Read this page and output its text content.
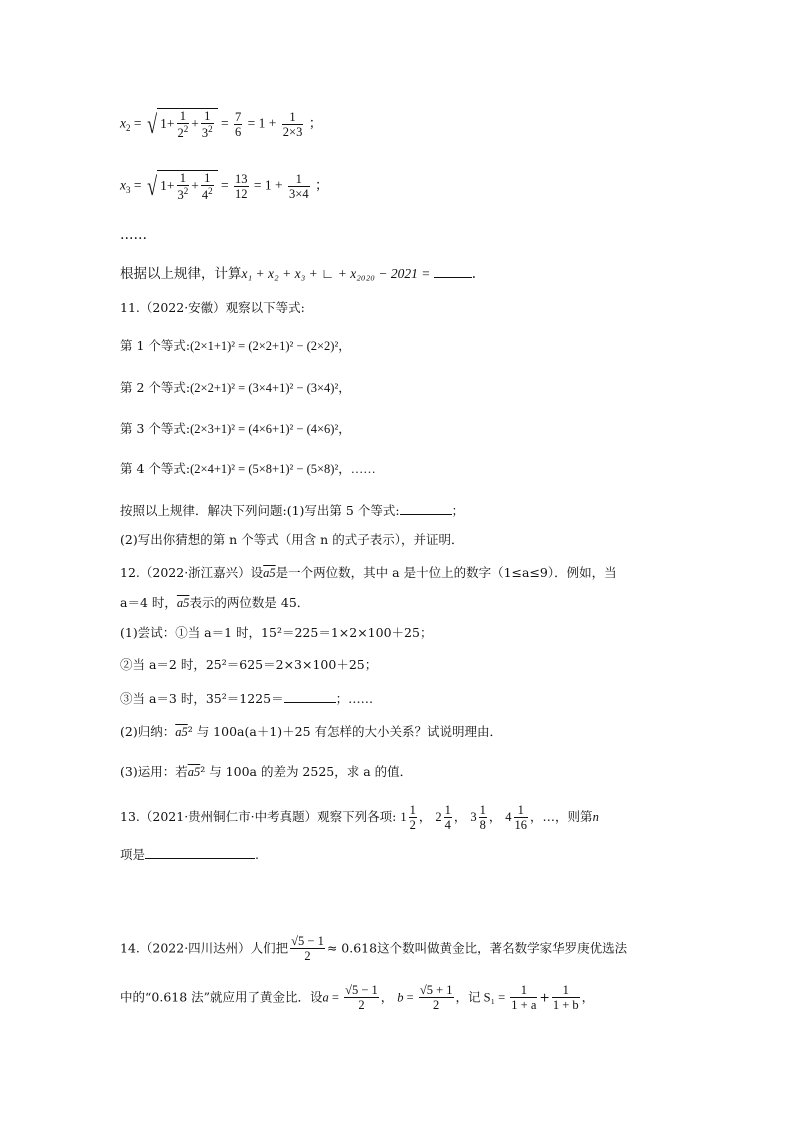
$x_2$ = √ $1+ \frac{1}{2^2} + \frac{1}{3^2} = \frac{7}{6} = 1 + \frac{1}{2\times 3}$ ；
$x_3$ = √ $1+ \frac{1}{3^2} + \frac{1}{4^2} = \frac{13}{12} = 1 + \frac{1}{3\times 4}$ ；
……
根据以上规律，计算x₁ + x₂ + x₃ + ∟ + x₂₀₂₀ − 2021 =	.
11.（2022·安徽）观察以下等式:
第 1 个等式:(2×1+1)² = (2×2+1)² − (2×2)²，
第 2 个等式:(2×2+1)² = (3×4+1)² − (3×4)²，
第 3 个等式:(2×3+1)² = (4×6+1)² − (4×6)²，
第 4 个等式:(2×4+1)² = (5×8+1)² − (5×8)²，……
按照以上规律．解决下列问题:(1)写出第 5 个等式:	；
(2)写出你猜想的第 n 个等式（用含 n 的式子表示），并证明．
12.（2022·浙江嘉兴）设a5是一个两位数，其中 a 是十位上的数字（1≤a≤9）．例如，当
a＝4 时，a5表示的两位数是 45．
(1)尝试：①当 a＝1 时，15²＝225＝1×2×100＋25；
②当 a＝2 时，25²＝625＝2×3×100＋25；
③当 a＝3 时，35²＝1225＝	；……
(2)归纳：a5² 与 100a(a＋1)＋25 有怎样的大小关系？试说明理由．
(3)运用：若a5² 与 100a 的差为 2525，求 a 的值．
13.（2021·贵州铜仁市·中考真题）观察下列各项: $1 \frac{1}{2}$ ， $2 \frac{1}{4}$ ， $3 \frac{1}{8}$ ， $4 \frac{1}{16}$ ，…，则第n
项是	.
14.（2022·四川达州）人们把 $\frac{√5 - 1}{2} \approx 0.618$这个数叫做黄金比，著名数学家华罗庚优选法
中的“0.618 法”就应用了黄金比．设$a = \frac{√5 - 1}{2}$ ， $b = \frac{√5 + 1}{2}$ ，记 $S_1 = \frac{1}{1 + a} + \frac{1}{1 + b}$ ，
